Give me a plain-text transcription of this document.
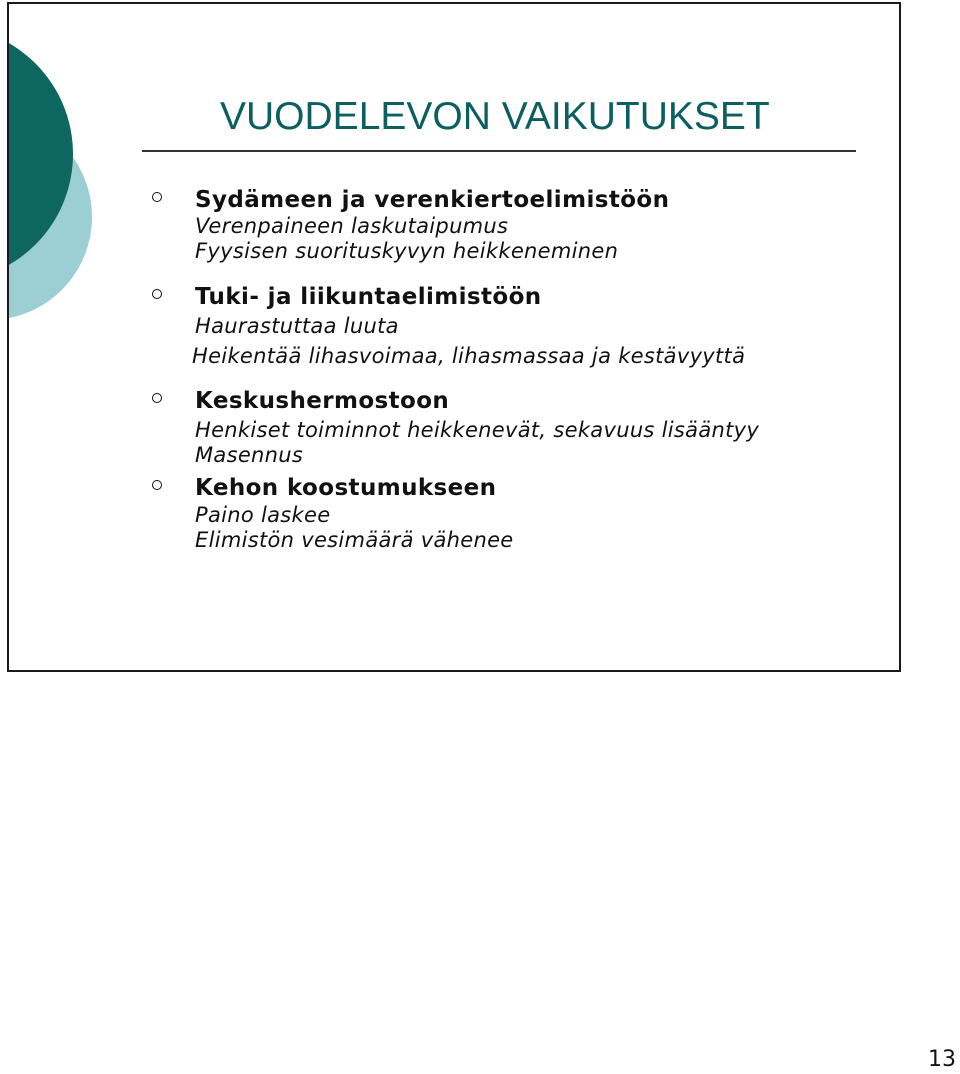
VUODELEVON VAIKUTUKSET
Sydämeen ja verenkiertoelimistöön
Verenpaineen laskutaipumus
Fyysisen suorituskyvyn heikkeneminen
Tuki- ja liikuntaelimistöön
Haurastuttaa luuta
Heikentää lihasvoimaa, lihasmassaa ja kestävyyttä
Keskushermostoon
Henkiset toiminnot heikkenevät, sekavuus lisääntyy
Masennus
Kehon koostumukseen
Paino laskee
Elimistön vesimäärä vähenee
13
